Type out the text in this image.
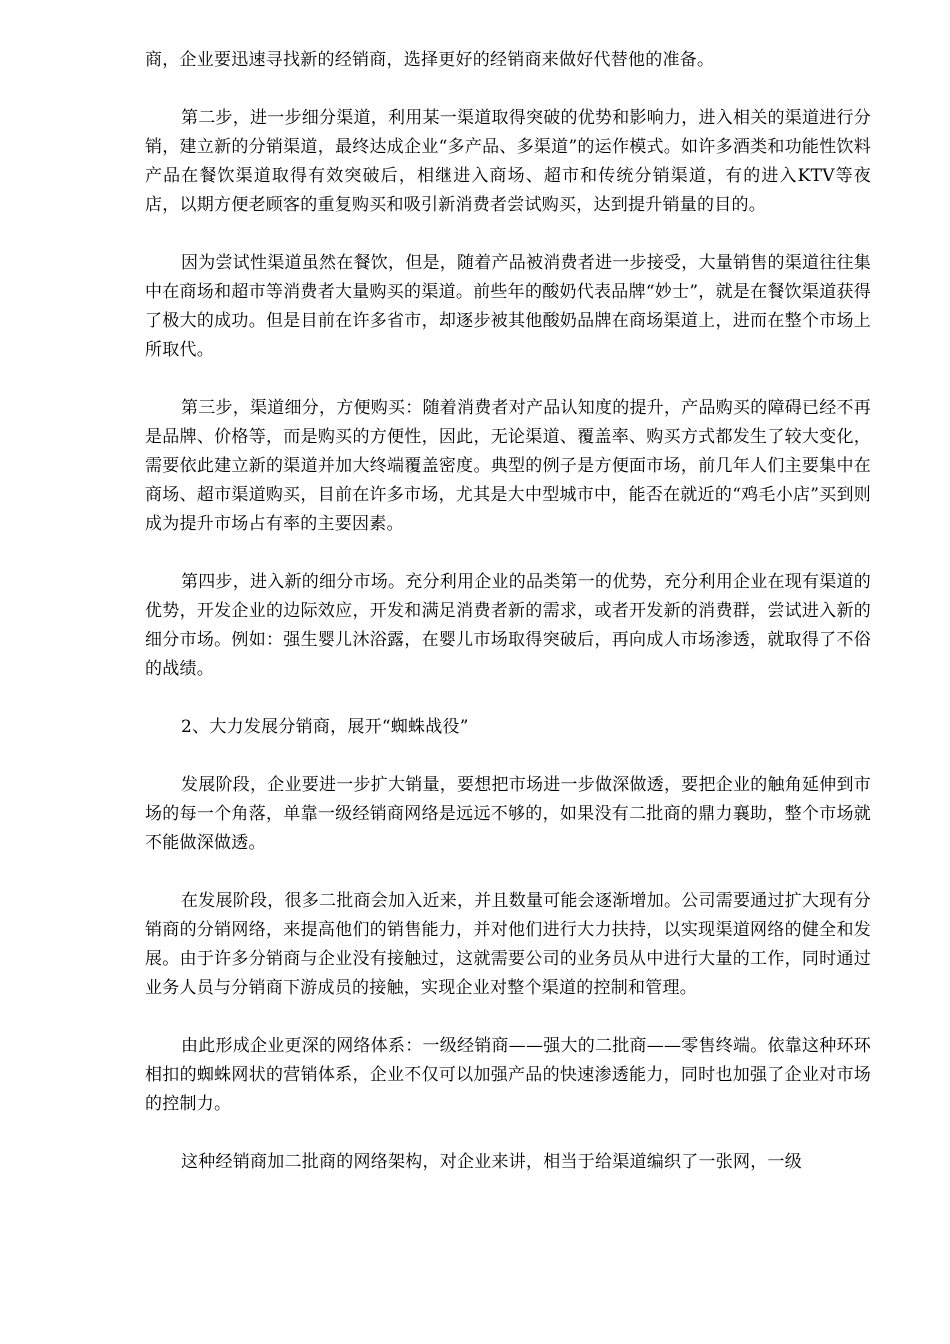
商，企业要迅速寻找新的经销商，选择更好的经销商来做好代替他的准备。

第二步，进一步细分渠道，利用某一渠道取得突破的优势和影响力，进入相关的渠道进行分销，建立新的分销渠道，最终达成企业“多产品、多渠道”的运作模式。如许多酒类和功能性饮料产品在餐饮渠道取得有效突破后，相继进入商场、超市和传统分销渠道，有的进入KTV等夜店，以期方便老顾客的重复购买和吸引新消费者尝试购买，达到提升销量的目的。

因为尝试性渠道虽然在餐饮，但是，随着产品被消费者进一步接受，大量销售的渠道往往集中在商场和超市等消费者大量购买的渠道。前些年的酸奶代表品牌“妙士”，就是在餐饮渠道获得了极大的成功。但是目前在许多省市，却逐步被其他酸奶品牌在商场渠道上，进而在整个市场上所取代。

第三步，渠道细分，方便购买：随着消费者对产品认知度的提升，产品购买的障碍已经不再是品牌、价格等，而是购买的方便性，因此，无论渠道、覆盖率、购买方式都发生了较大变化，需要依此建立新的渠道并加大终端覆盖密度。典型的例子是方便面市场，前几年人们主要集中在商场、超市渠道购买，目前在许多市场，尤其是大中型城市中，能否在就近的“鸡毛小店”买到则成为提升市场占有率的主要因素。

第四步，进入新的细分市场。充分利用企业的品类第一的优势，充分利用企业在现有渠道的优势，开发企业的边际效应，开发和满足消费者新的需求，或者开发新的消费群，尝试进入新的细分市场。例如：强生婴儿沐浴露，在婴儿市场取得突破后，再向成人市场渗透，就取得了不俗的战绩。

2、大力发展分销商，展开“蜘蛛战役”

发展阶段，企业要进一步扩大销量，要想把市场进一步做深做透，要把企业的触角延伸到市场的每一个角落，单靠一级经销商网络是远远不够的，如果没有二批商的鼎力襄助，整个市场就不能做深做透。

在发展阶段，很多二批商会加入近来，并且数量可能会逐渐增加。公司需要通过扩大现有分销商的分销网络，来提高他们的销售能力，并对他们进行大力扶持，以实现渠道网络的健全和发展。由于许多分销商与企业没有接触过，这就需要公司的业务员从中进行大量的工作，同时通过业务人员与分销商下游成员的接触，实现企业对整个渠道的控制和管理。

由此形成企业更深的网络体系：一级经销商——强大的二批商——零售终端。依靠这种环环相扣的蜘蛛网状的营销体系，企业不仅可以加强产品的快速渗透能力，同时也加强了企业对市场的控制力。

这种经销商加二批商的网络架构，对企业来讲，相当于给渠道编织了一张网，一级
